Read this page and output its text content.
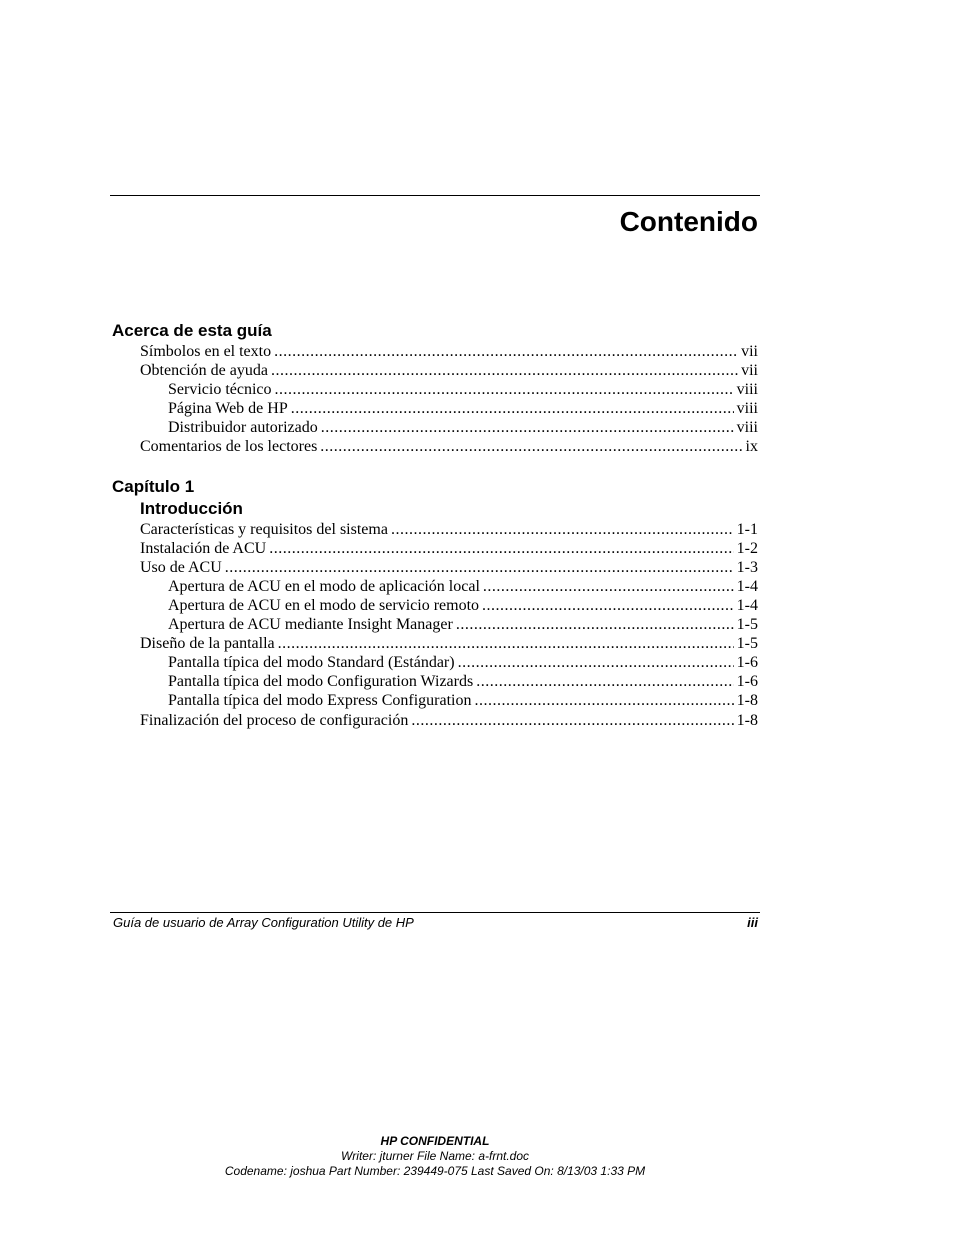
Contenido
Acerca de esta guía
Símbolos en el texto .....	vii
Obtención de ayuda .....	vii
Servicio técnico .....	viii
Página Web de HP .....	viii
Distribuidor autorizado .....	viii
Comentarios de los lectores .....	ix
Capítulo 1
Introducción
Características y requisitos del sistema .....	1-1
Instalación de ACU .....	1-2
Uso de ACU .....	1-3
Apertura de ACU en el modo de aplicación local .....	1-4
Apertura de ACU en el modo de servicio remoto .....	1-4
Apertura de ACU mediante Insight Manager .....	1-5
Diseño de la pantalla .....	1-5
Pantalla típica del modo Standard (Estándar) .....	1-6
Pantalla típica del modo Configuration Wizards .....	1-6
Pantalla típica del modo Express Configuration .....	1-8
Finalización del proceso de configuración .....	1-8
Guía de usuario de Array Configuration Utility de HP	iii
HP CONFIDENTIAL
Writer: jturner File Name: a-frnt.doc
Codename: joshua Part Number: 239449-075 Last Saved On: 8/13/03 1:33 PM
